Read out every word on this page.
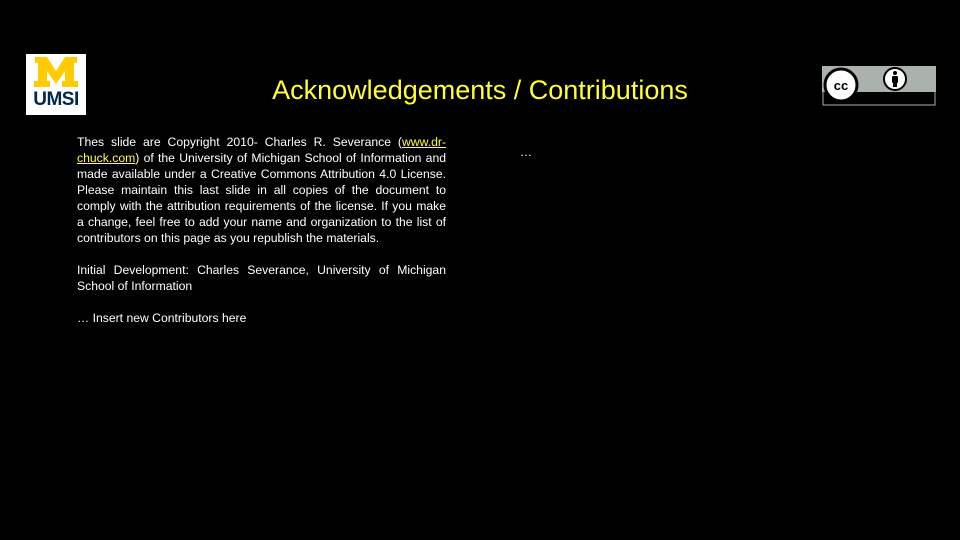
UMSI	Acknowledgements / Contributions	cc
BY

Thes slide are Copyright 2010- Charles R. Severance (www.dr-chuck.com) of the University of Michigan School of Information and made available under a Creative Commons Attribution 4.0 License. Please maintain this last slide in all copies of the document to comply with the attribution requirements of the license. If you make a change, feel free to add your name and organization to the list of contributors on this page as you republish the materials.

Initial Development: Charles Severance, University of Michigan School of Information

… Insert new Contributors here

…
